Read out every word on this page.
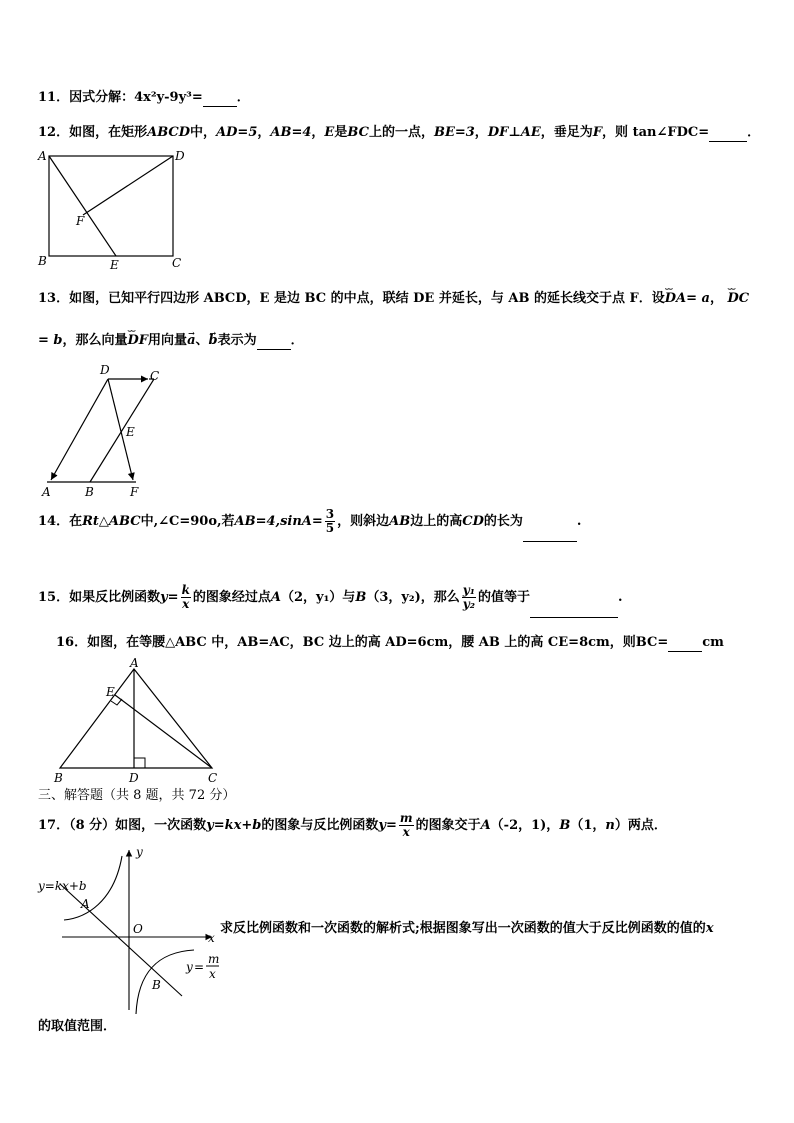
11．因式分解：4x²y-9y³=	．
12．如图，在矩形ABCD中，AD=5，AB=4，E是BC上的一点，BE=3，DF⊥AE，垂足为F，则 tan∠FDC=	．
A	D
B	C
E
F
13．如图，已知平行四边形 ABCD，E 是边 BC 的中点，联结 DE 并延长，与 AB 的延长线交于点 F．设⌣⌣ DA= a， ⌣⌣ DC
= b，那么向量⌣⌣ DF用向量→ a、→ b表示为	．
D	C
E
A	B	F
14．在Rt△ABC中,∠C=90o,若$AB=4,\sin A= \frac{3}{5}$ ，则斜边AB边上的高CD的长为	.
15．如果反比例函数$y= \frac{k}{x}$ 的图象经过点A（2，y₁）与B（3，y₂)，那么 $\frac{\text{y₁}}{\text{y₂}}$ 的值等于	.
16．如图，在等腰△ABC 中，AB=AC，BC 边上的高 AD=6cm，腰 AB 上的高 CE=8cm，则BC=	cm
A
E
B	D	C
三、解答题（共 8 题，共 72 分）
17．（8 分）如图，一次函数y=kx+b的图象与反比例函数$y= \frac{m}{x}$ 的图象交于A（-2，1)，B（1，n）两点．
y
x
O
A
B
y=kx+b
y =
m
x
求反比例函数和一次函数的解析式;根据图象写出一次函数的值大于反比例函数的值的x
的取值范围．
